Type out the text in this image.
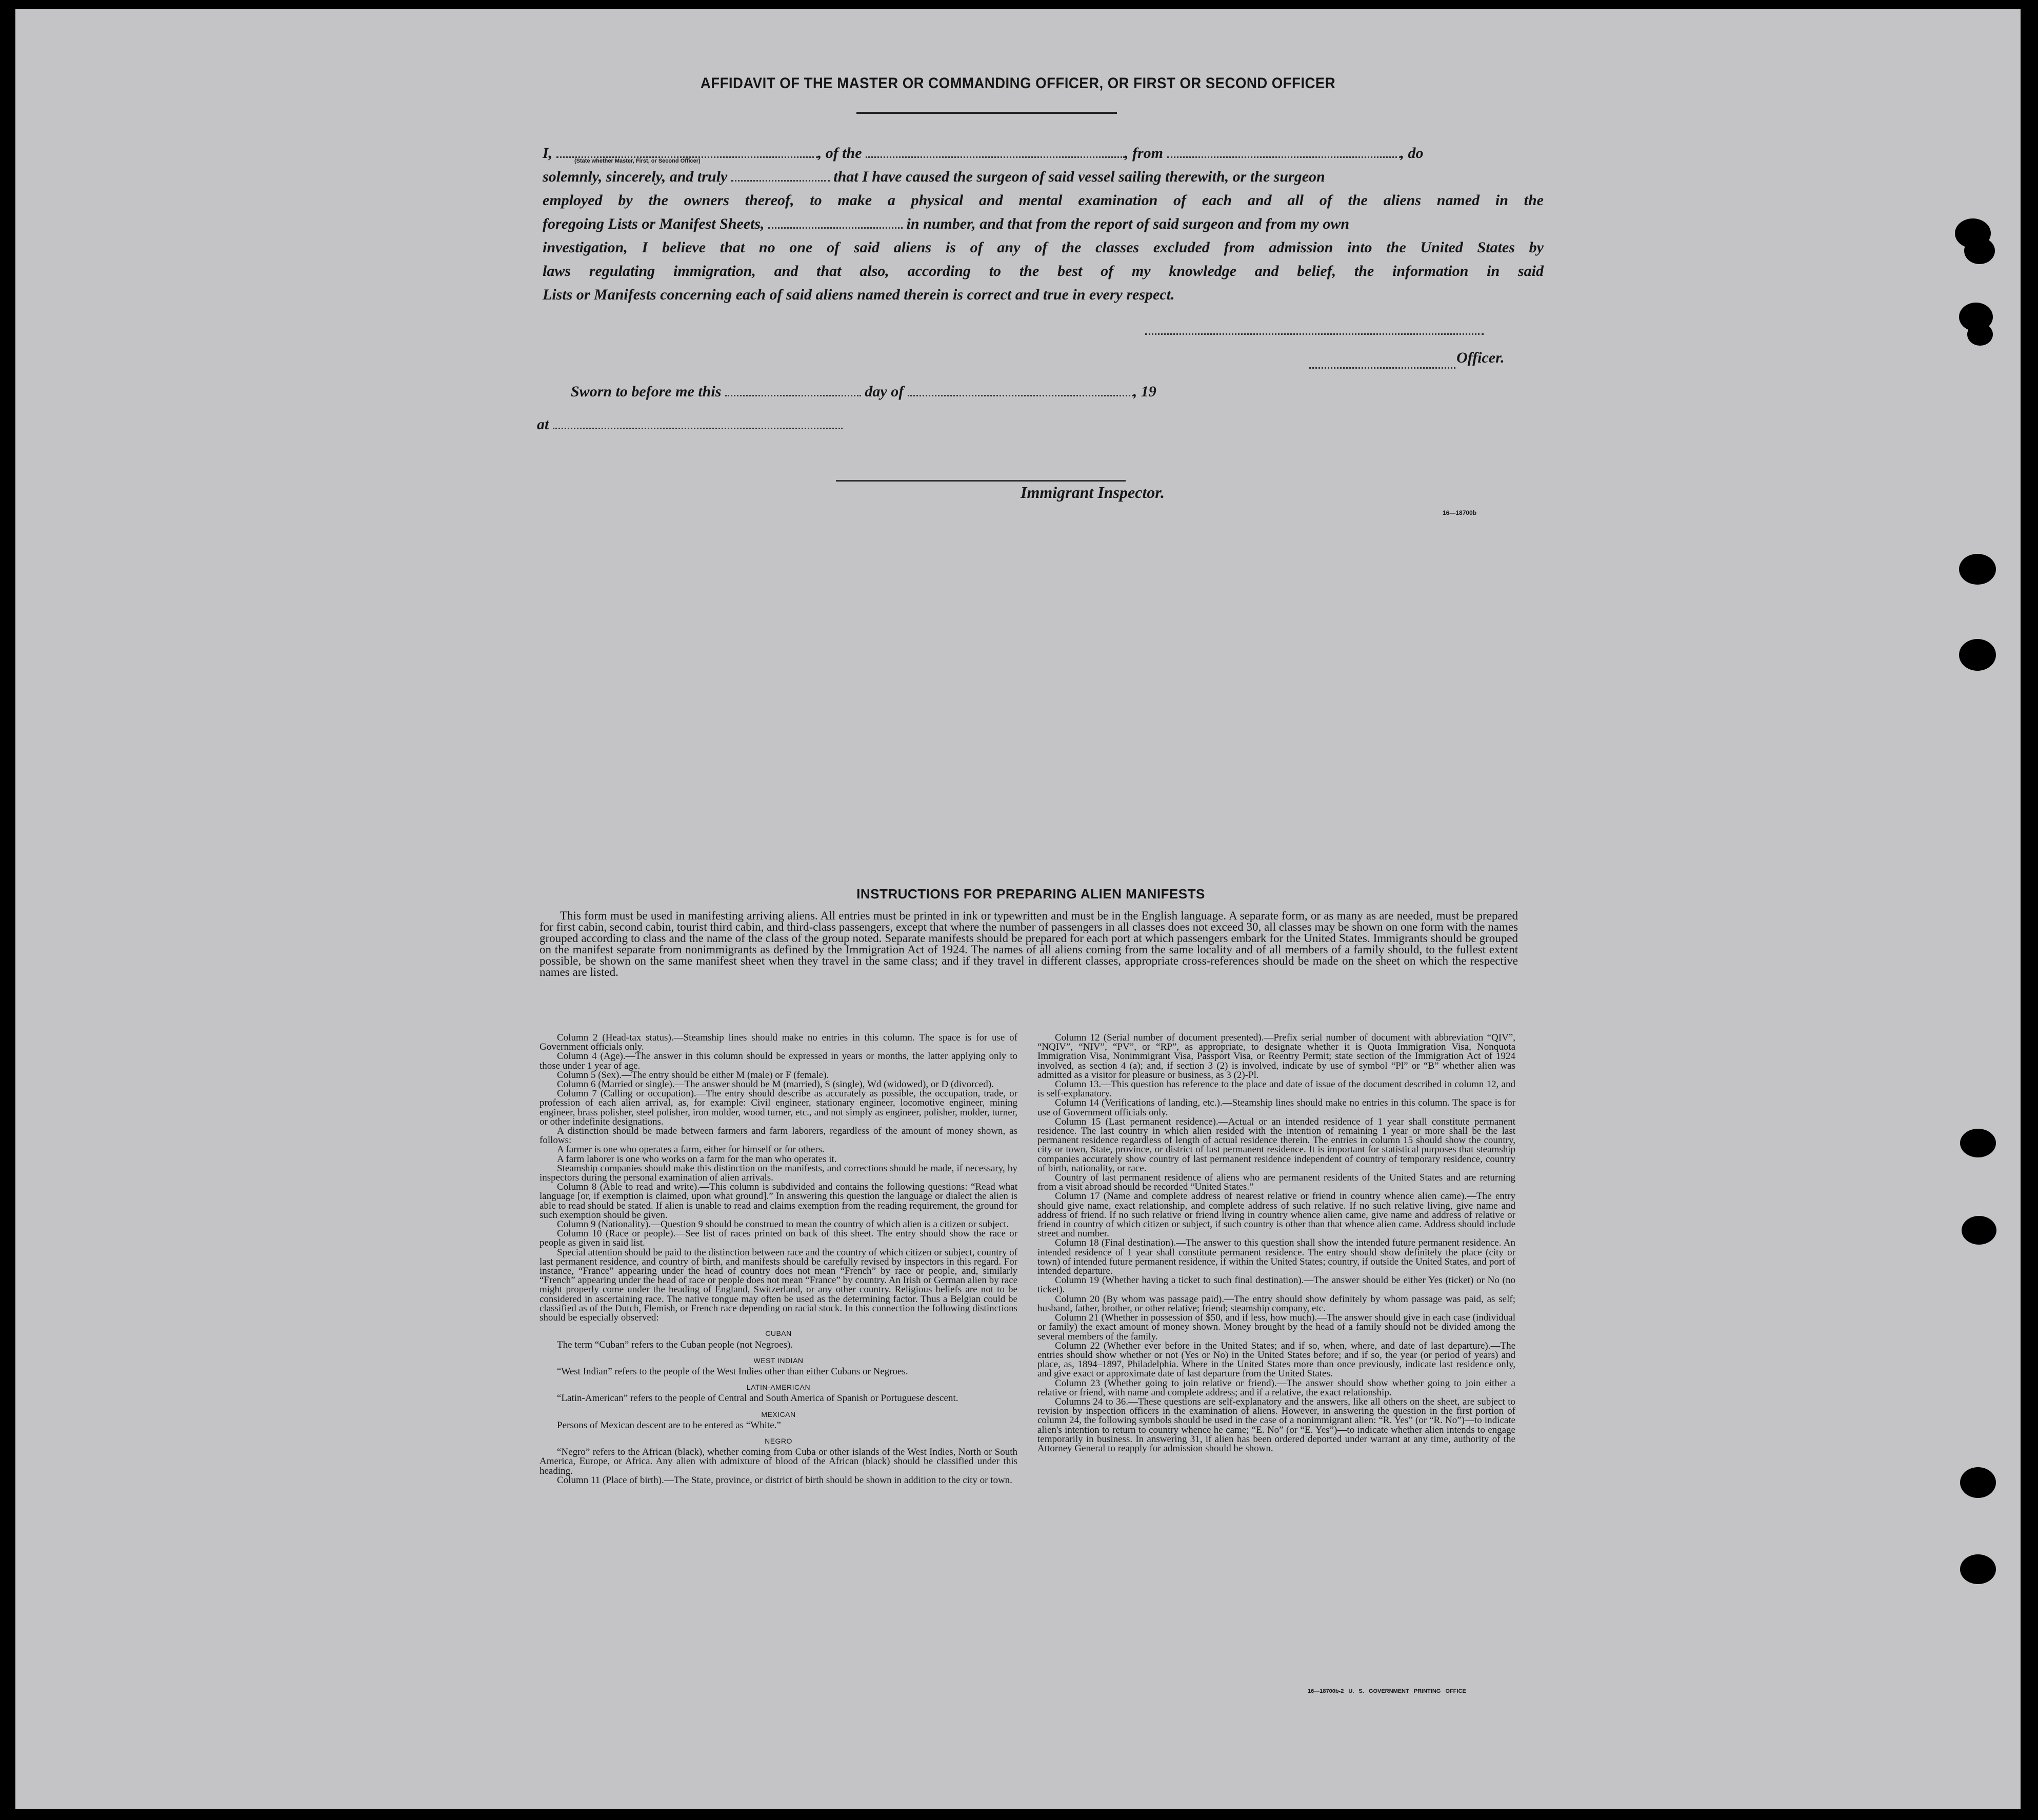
AFFIDAVIT OF THE MASTER OR COMMANDING OFFICER, OR FIRST OR SECOND OFFICER
(State whether Master, First, or Second Officer)
I,	, of the	, from	, do
solemnly, sincerely, and truly	that I have caused the surgeon of said vessel sailing therewith, or the surgeon
employed by the owners thereof, to make a physical and mental examination of each and all of the aliens named in the
foregoing Lists or Manifest Sheets,	in number, and that from the report of said surgeon and from my own
investigation, I believe that no one of said aliens is of any of the classes excluded from admission into the United States by
laws regulating immigration, and that also, according to the best of my knowledge and belief, the information in said
Lists or Manifests concerning each of said aliens named therein is correct and true in every respect.
Officer.
Sworn to before me this	day of	, 19
at
Immigrant Inspector.
16—18700b
INSTRUCTIONS FOR PREPARING ALIEN MANIFESTS
This form must be used in manifesting arriving aliens. All entries must be printed in ink or typewritten and must be in the English language. A separate form, or as many as are needed, must be prepared for first cabin, second cabin, tourist third cabin, and third-class passengers, except that where the number of passengers in all classes does not exceed 30, all classes may be shown on one form with the names grouped according to class and the name of the class of the group noted. Separate manifests should be prepared for each port at which passengers embark for the United States. Immigrants should be grouped on the manifest separate from nonimmigrants as defined by the Immigration Act of 1924. The names of all aliens coming from the same locality and of all members of a family should, to the fullest extent possible, be shown on the same manifest sheet when they travel in the same class; and if they travel in different classes, appropriate cross-references should be made on the sheet on which the respective names are listed.

Column 2 (Head-tax status).—Steamship lines should make no entries in this column. The space is for use of Government officials only.

Column 4 (Age).—The answer in this column should be expressed in years or months, the latter applying only to those under 1 year of age.

Column 5 (Sex).—The entry should be either M (male) or F (female).

Column 6 (Married or single).—The answer should be M (married), S (single), Wd (widowed), or D (divorced).

Column 7 (Calling or occupation).—The entry should describe as accurately as possible, the occupation, trade, or profession of each alien arrival, as, for example: Civil engineer, stationary engineer, locomotive engineer, mining engineer, brass polisher, steel polisher, iron molder, wood turner, etc., and not simply as engineer, polisher, molder, turner, or other indefinite designations.

A distinction should be made between farmers and farm laborers, regardless of the amount of money shown, as follows:

A farmer is one who operates a farm, either for himself or for others.

A farm laborer is one who works on a farm for the man who operates it.

Steamship companies should make this distinction on the manifests, and corrections should be made, if necessary, by inspectors during the personal examination of alien arrivals.

Column 8 (Able to read and write).—This column is subdivided and contains the following questions: “Read what language [or, if exemption is claimed, upon what ground].” In answering this question the language or dialect the alien is able to read should be stated. If alien is unable to read and claims exemption from the reading requirement, the ground for such exemption should be given.

Column 9 (Nationality).—Question 9 should be construed to mean the country of which alien is a citizen or subject.

Column 10 (Race or people).—See list of races printed on back of this sheet. The entry should show the race or people as given in said list.

Special attention should be paid to the distinction between race and the country of which citizen or subject, country of last permanent residence, and country of birth, and manifests should be carefully revised by inspectors in this regard. For instance, “France” appearing under the head of country does not mean “French” by race or people, and, similarly “French” appearing under the head of race or people does not mean “France” by country. An Irish or German alien by race might properly come under the heading of England, Switzerland, or any other country. Religious beliefs are not to be considered in ascertaining race. The native tongue may often be used as the determining factor. Thus a Belgian could be classified as of the Dutch, Flemish, or French race depending on racial stock. In this connection the following distinctions should be especially observed:

CUBAN

The term “Cuban” refers to the Cuban people (not Negroes).

WEST INDIAN

“West Indian” refers to the people of the West Indies other than either Cubans or Negroes.

LATIN-AMERICAN

“Latin-American” refers to the people of Central and South America of Spanish or Portuguese descent.

MEXICAN

Persons of Mexican descent are to be entered as “White.”

NEGRO

“Negro” refers to the African (black), whether coming from Cuba or other islands of the West Indies, North or South America, Europe, or Africa. Any alien with admixture of blood of the African (black) should be classified under this heading.

Column 11 (Place of birth).—The State, province, or district of birth should be shown in addition to the city or town.

Column 12 (Serial number of document presented).—Prefix serial number of document with abbreviation “QIV”, “NQIV”, “NIV”, “PV”, or “RP”, as appropriate, to designate whether it is Quota Immigration Visa, Nonquota Immigration Visa, Nonimmigrant Visa, Passport Visa, or Reentry Permit; state section of the Immigration Act of 1924 involved, as section 4 (a); and, if section 3 (2) is involved, indicate by use of symbol “Pl” or “B” whether alien was admitted as a visitor for pleasure or business, as 3 (2)-Pl.

Column 13.—This question has reference to the place and date of issue of the document described in column 12, and is self-explanatory.

Column 14 (Verifications of landing, etc.).—Steamship lines should make no entries in this column. The space is for use of Government officials only.

Column 15 (Last permanent residence).—Actual or an intended residence of 1 year shall constitute permanent residence. The last country in which alien resided with the intention of remaining 1 year or more shall be the last permanent residence regardless of length of actual residence therein. The entries in column 15 should show the country, city or town, State, province, or district of last permanent residence. It is important for statistical purposes that steamship companies accurately show country of last permanent residence independent of country of temporary residence, country of birth, nationality, or race.

Country of last permanent residence of aliens who are permanent residents of the United States and are returning from a visit abroad should be recorded “United States.”

Column 17 (Name and complete address of nearest relative or friend in country whence alien came).—The entry should give name, exact relationship, and complete address of such relative. If no such relative living, give name and address of friend. If no such relative or friend living in country whence alien came, give name and address of relative or friend in country of which citizen or subject, if such country is other than that whence alien came. Address should include street and number.

Column 18 (Final destination).—The answer to this question shall show the intended future permanent residence. An intended residence of 1 year shall constitute permanent residence. The entry should show definitely the place (city or town) of intended future permanent residence, if within the United States; country, if outside the United States, and port of intended departure.

Column 19 (Whether having a ticket to such final destination).—The answer should be either Yes (ticket) or No (no ticket).

Column 20 (By whom was passage paid).—The entry should show definitely by whom passage was paid, as self; husband, father, brother, or other relative; friend; steamship company, etc.

Column 21 (Whether in possession of $50, and if less, how much).—The answer should give in each case (individual or family) the exact amount of money shown. Money brought by the head of a family should not be divided among the several members of the family.

Column 22 (Whether ever before in the United States; and if so, when, where, and date of last departure).—The entries should show whether or not (Yes or No) in the United States before; and if so, the year (or period of years) and place, as, 1894–1897, Philadelphia. Where in the United States more than once previously, indicate last residence only, and give exact or approximate date of last departure from the United States.

Column 23 (Whether going to join relative or friend).—The answer should show whether going to join either a relative or friend, with name and complete address; and if a relative, the exact relationship.

Columns 24 to 36.—These questions are self-explanatory and the answers, like all others on the sheet, are subject to revision by inspection officers in the examination of aliens. However, in answering the question in the first portion of column 24, the following symbols should be used in the case of a nonimmigrant alien: “R. Yes” (or “R. No”)—to indicate alien's intention to return to country whence he came; “E. No” (or “E. Yes”)—to indicate whether alien intends to engage temporarily in business. In answering 31, if alien has been ordered deported under warrant at any time, authority of the Attorney General to reapply for admission should be shown.

16—18700b-2 U. S. GOVERNMENT PRINTING OFFICE
